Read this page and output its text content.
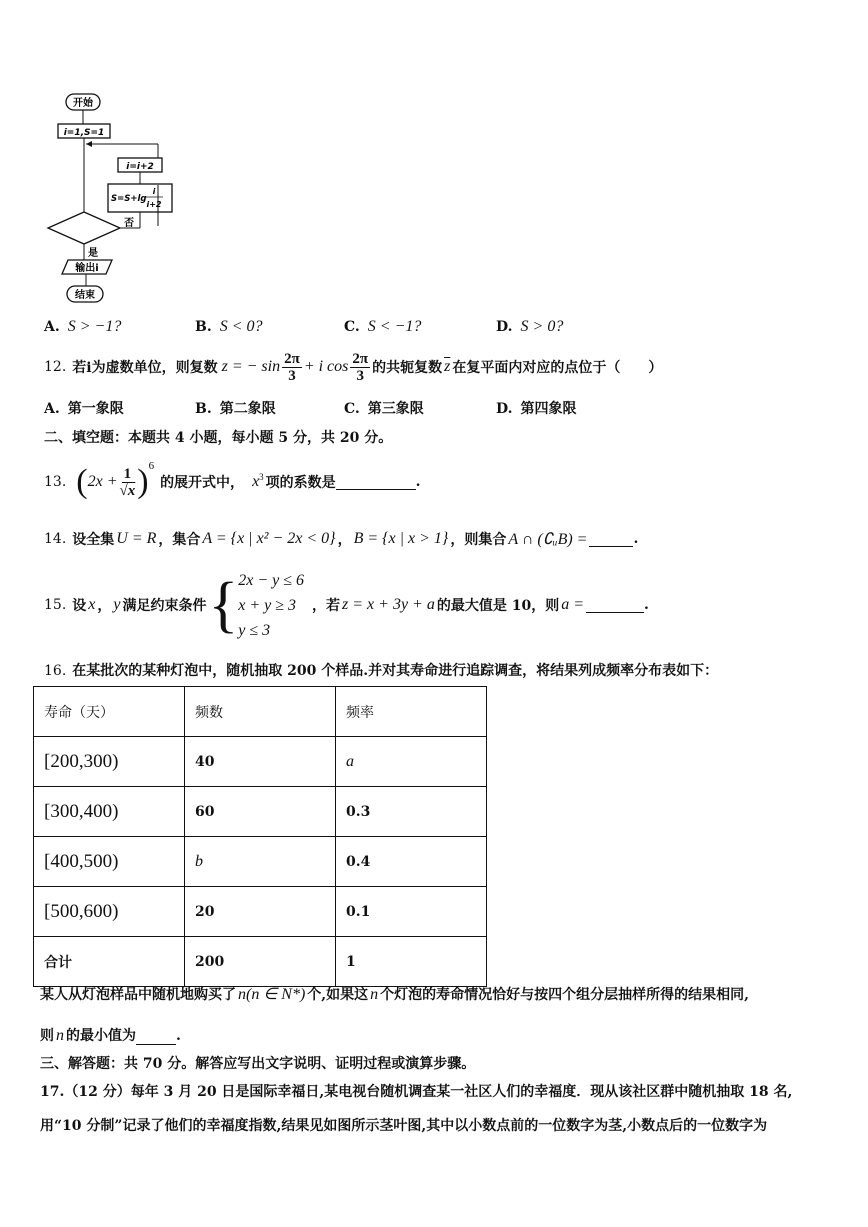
开始
i=1,S=1
i=i+2
S=S+lg
i
i+2
否
是
输出i
结束
A. S > −1?	B. S < 0?	C. S < −1?	D. S > 0?
12. 若i为虚数单位，则复数 z = − $\sin \frac{2\pi}{3} + i$ $\cos \frac{2\pi}{3}$ 的共轭复数 $\overline{z}$ 在复平面内对应的点位于（　　）
A. 第一象限	B. 第二象限	C. 第三象限	D. 第四象限
二、填空题：本题共 4 小题，每小题 5 分，共 20 分。
13. ( $2x + \frac{1}{√x} )^6$
的展开式中， $x^3$ 项的系数是	.
14. 设全集 U = R ，集合 A = {x | x² − 2x < 0} ， B = {x | x > 1} ，则集合 A ∩ (∁ᵤB) =	.
15. 设 x ， y 满足约束条件 { 2x − y ≤ 6
x + y ≥ 3
y ≤ 3
，若 z = x + 3y + a 的最大值是 10，则 a =	.
16. 在某批次的某种灯泡中，随机抽取 200 个样品.并对其寿命进行追踪调查，将结果列成频率分布表如下：
寿命（天）	频数	频率
[200,300)	40	a
[300,400)	60	0.3
[400,500)	b	0.4
[500,600)	20	0.1
合计	200	1
某人从灯泡样品中随机地购买了 n(n ∈ N*) 个,如果这 n 个灯泡的寿命情况恰好与按四个组分层抽样所得的结果相同,
则 n 的最小值为	.
三、解答题：共 70 分。解答应写出文字说明、证明过程或演算步骤。
17.（12 分）每年 3 月 20 日是国际幸福日,某电视台随机调查某一社区人们的幸福度．现从该社区群中随机抽取 18 名,
用“10 分制”记录了他们的幸福度指数,结果见如图所示茎叶图,其中以小数点前的一位数字为茎,小数点后的一位数字为
